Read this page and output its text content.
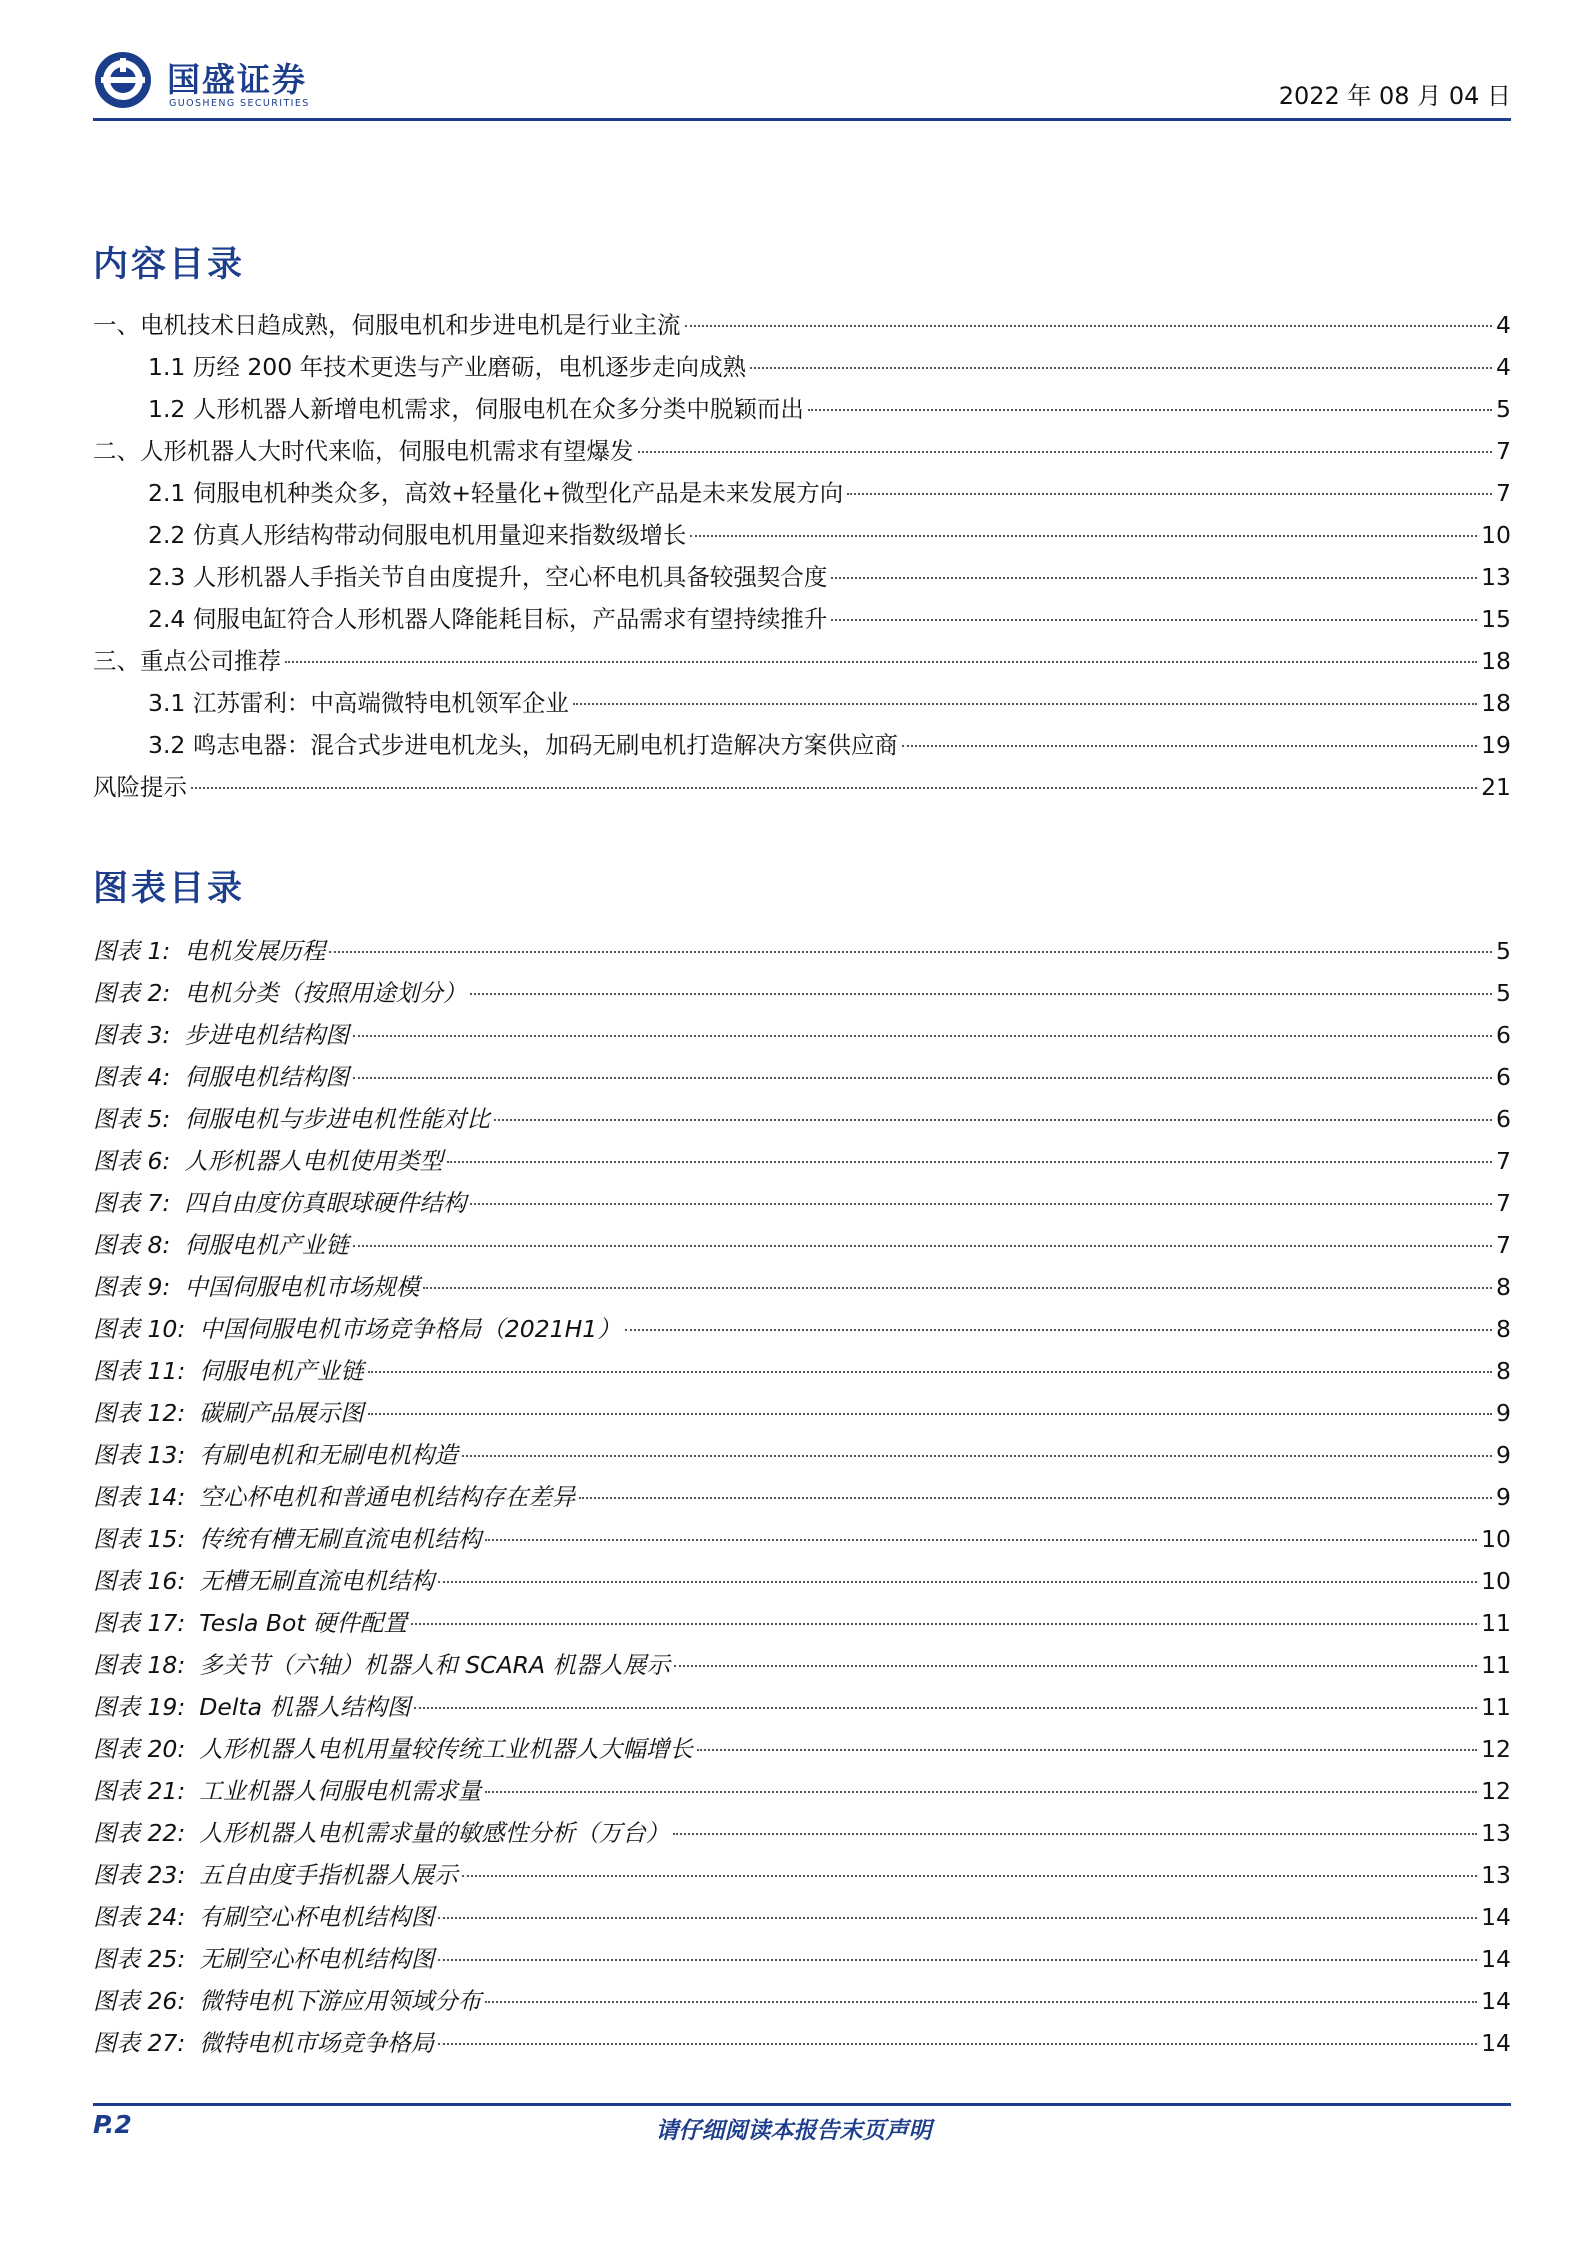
国盛证券
GUOSHENG SECURITIES	2022 年 08 月 04 日
内容目录
一、电机技术日趋成熟，伺服电机和步进电机是行业主流	4
1.1 历经 200 年技术更迭与产业磨砺，电机逐步走向成熟	4
1.2 人形机器人新增电机需求，伺服电机在众多分类中脱颖而出	5
二、人形机器人大时代来临，伺服电机需求有望爆发	7
2.1 伺服电机种类众多，高效+轻量化+微型化产品是未来发展方向	7
2.2 仿真人形结构带动伺服电机用量迎来指数级增长	10
2.3 人形机器人手指关节自由度提升，空心杯电机具备较强契合度	13
2.4 伺服电缸符合人形机器人降能耗目标，产品需求有望持续推升	15
三、重点公司推荐	18
3.1 江苏雷利：中高端微特电机领军企业	18
3.2 鸣志电器：混合式步进电机龙头，加码无刷电机打造解决方案供应商	19
风险提示	21
图表目录
图表 1: 电机发展历程	5
图表 2: 电机分类（按照用途划分）	5
图表 3: 步进电机结构图	6
图表 4: 伺服电机结构图	6
图表 5: 伺服电机与步进电机性能对比	6
图表 6: 人形机器人电机使用类型	7
图表 7: 四自由度仿真眼球硬件结构	7
图表 8: 伺服电机产业链	7
图表 9: 中国伺服电机市场规模	8
图表 10: 中国伺服电机市场竞争格局（2021H1）	8
图表 11: 伺服电机产业链	8
图表 12: 碳刷产品展示图	9
图表 13: 有刷电机和无刷电机构造	9
图表 14: 空心杯电机和普通电机结构存在差异	9
图表 15: 传统有槽无刷直流电机结构	10
图表 16: 无槽无刷直流电机结构	10
图表 17: Tesla Bot 硬件配置	11
图表 18: 多关节（六轴）机器人和 SCARA 机器人展示	11
图表 19: Delta 机器人结构图	11
图表 20: 人形机器人电机用量较传统工业机器人大幅增长	12
图表 21: 工业机器人伺服电机需求量	12
图表 22: 人形机器人电机需求量的敏感性分析（万台）	13
图表 23: 五自由度手指机器人展示	13
图表 24: 有刷空心杯电机结构图	14
图表 25: 无刷空心杯电机结构图	14
图表 26: 微特电机下游应用领域分布	14
图表 27: 微特电机市场竞争格局	14
P.2	请仔细阅读本报告末页声明
